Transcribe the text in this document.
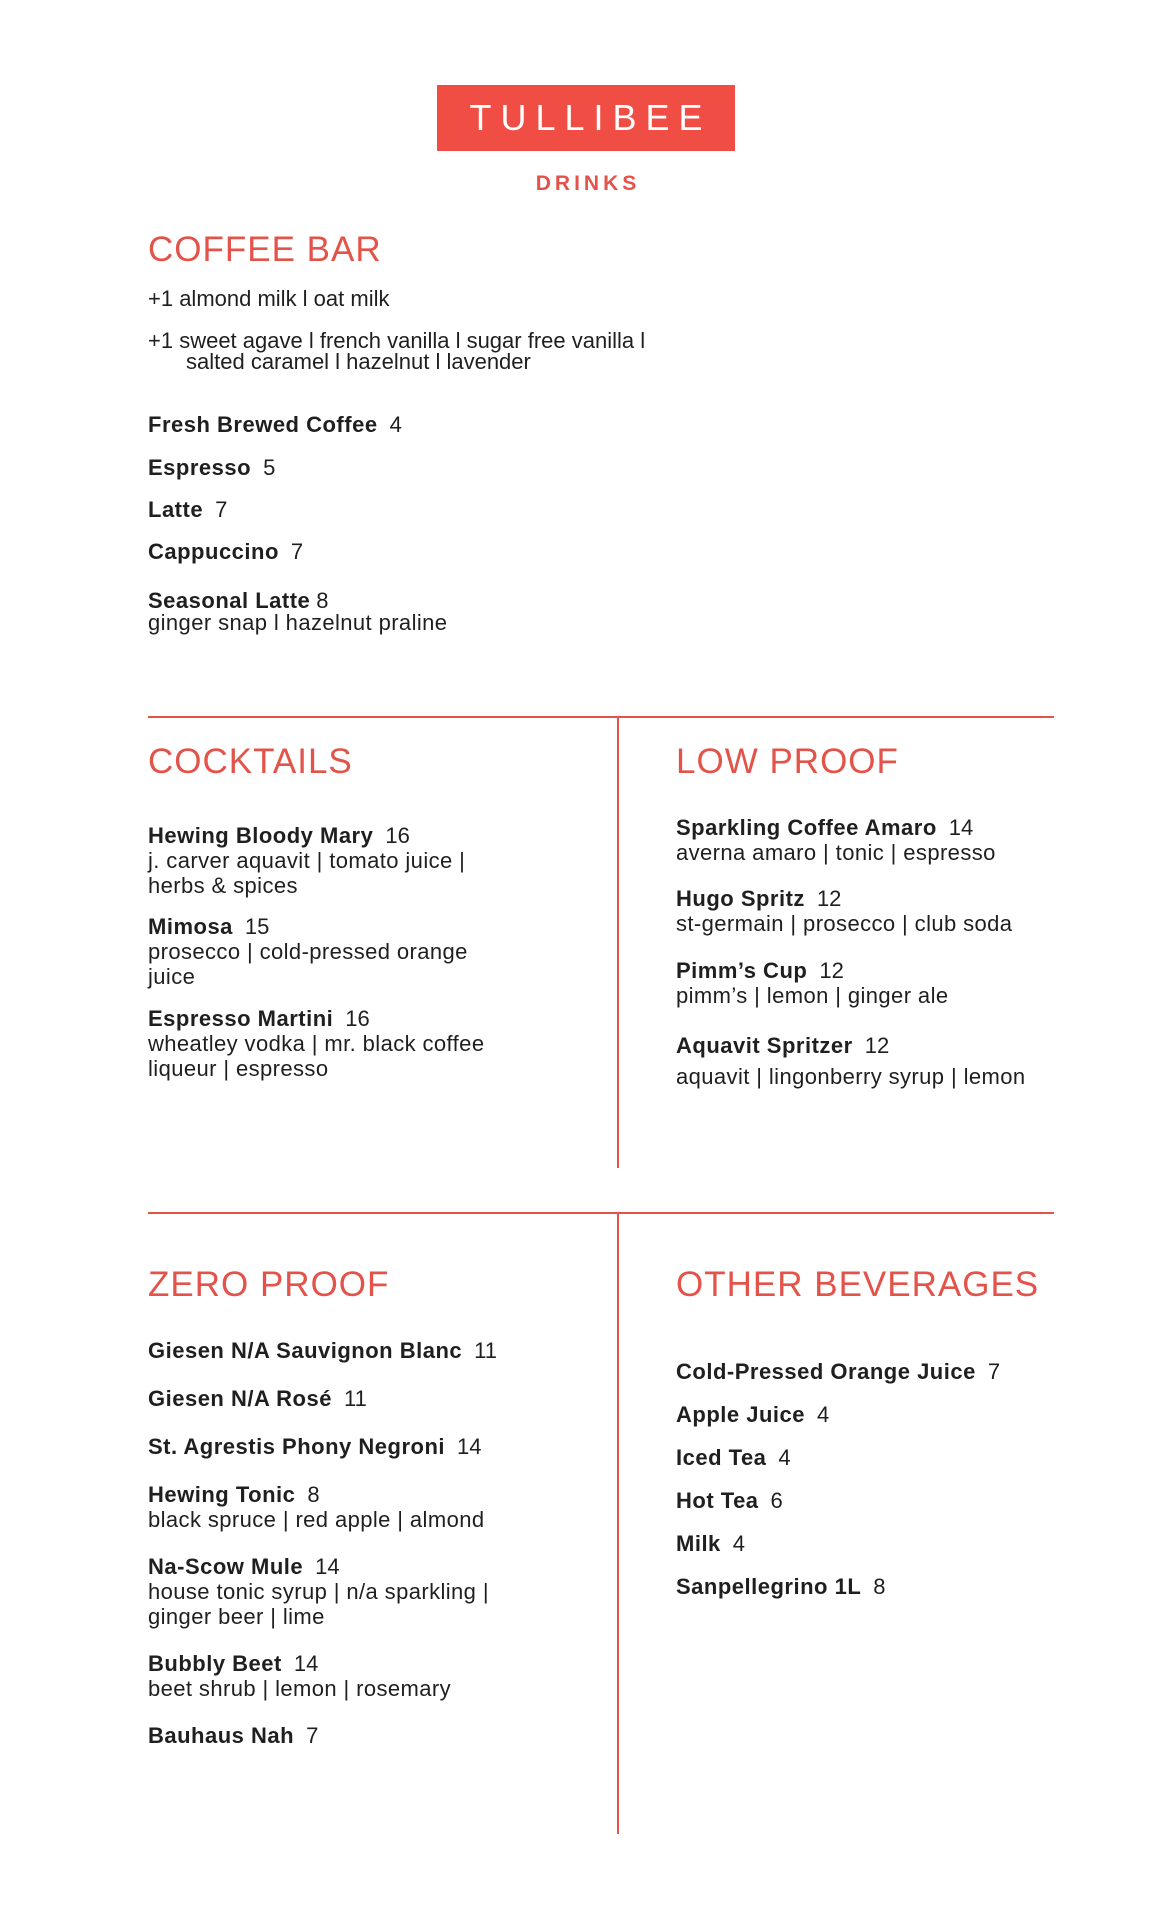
TULLIBEE
DRINKS
COFFEE BAR
+1 almond milk l oat milk
+1 sweet agave l french vanilla l sugar free vanilla l
salted caramel l hazelnut l lavender
Fresh Brewed Coffee 4
Espresso 5
Latte 7
Cappuccino 7
Seasonal Latte 8
ginger snap l hazelnut praline
COCKTAILS
Hewing Bloody Mary 16
j. carver aquavit | tomato juice |
herbs & spices
Mimosa 15
prosecco | cold-pressed orange
juice
Espresso Martini 16
wheatley vodka | mr. black coffee
liqueur | espresso
LOW PROOF
Sparkling Coffee Amaro 14
averna amaro | tonic | espresso
Hugo Spritz 12
st-germain | prosecco | club soda
Pimm’s Cup 12
pimm’s | lemon | ginger ale
Aquavit Spritzer 12
aquavit | lingonberry syrup | lemon
ZERO PROOF
Giesen N/A Sauvignon Blanc 11
Giesen N/A Rosé 11
St. Agrestis Phony Negroni 14
Hewing Tonic 8
black spruce | red apple | almond
Na-Scow Mule 14
house tonic syrup | n/a sparkling |
ginger beer | lime
Bubbly Beet 14
beet shrub | lemon | rosemary
Bauhaus Nah 7
OTHER BEVERAGES
Cold-Pressed Orange Juice 7
Apple Juice 4
Iced Tea 4
Hot Tea 6
Milk 4
Sanpellegrino 1L 8
